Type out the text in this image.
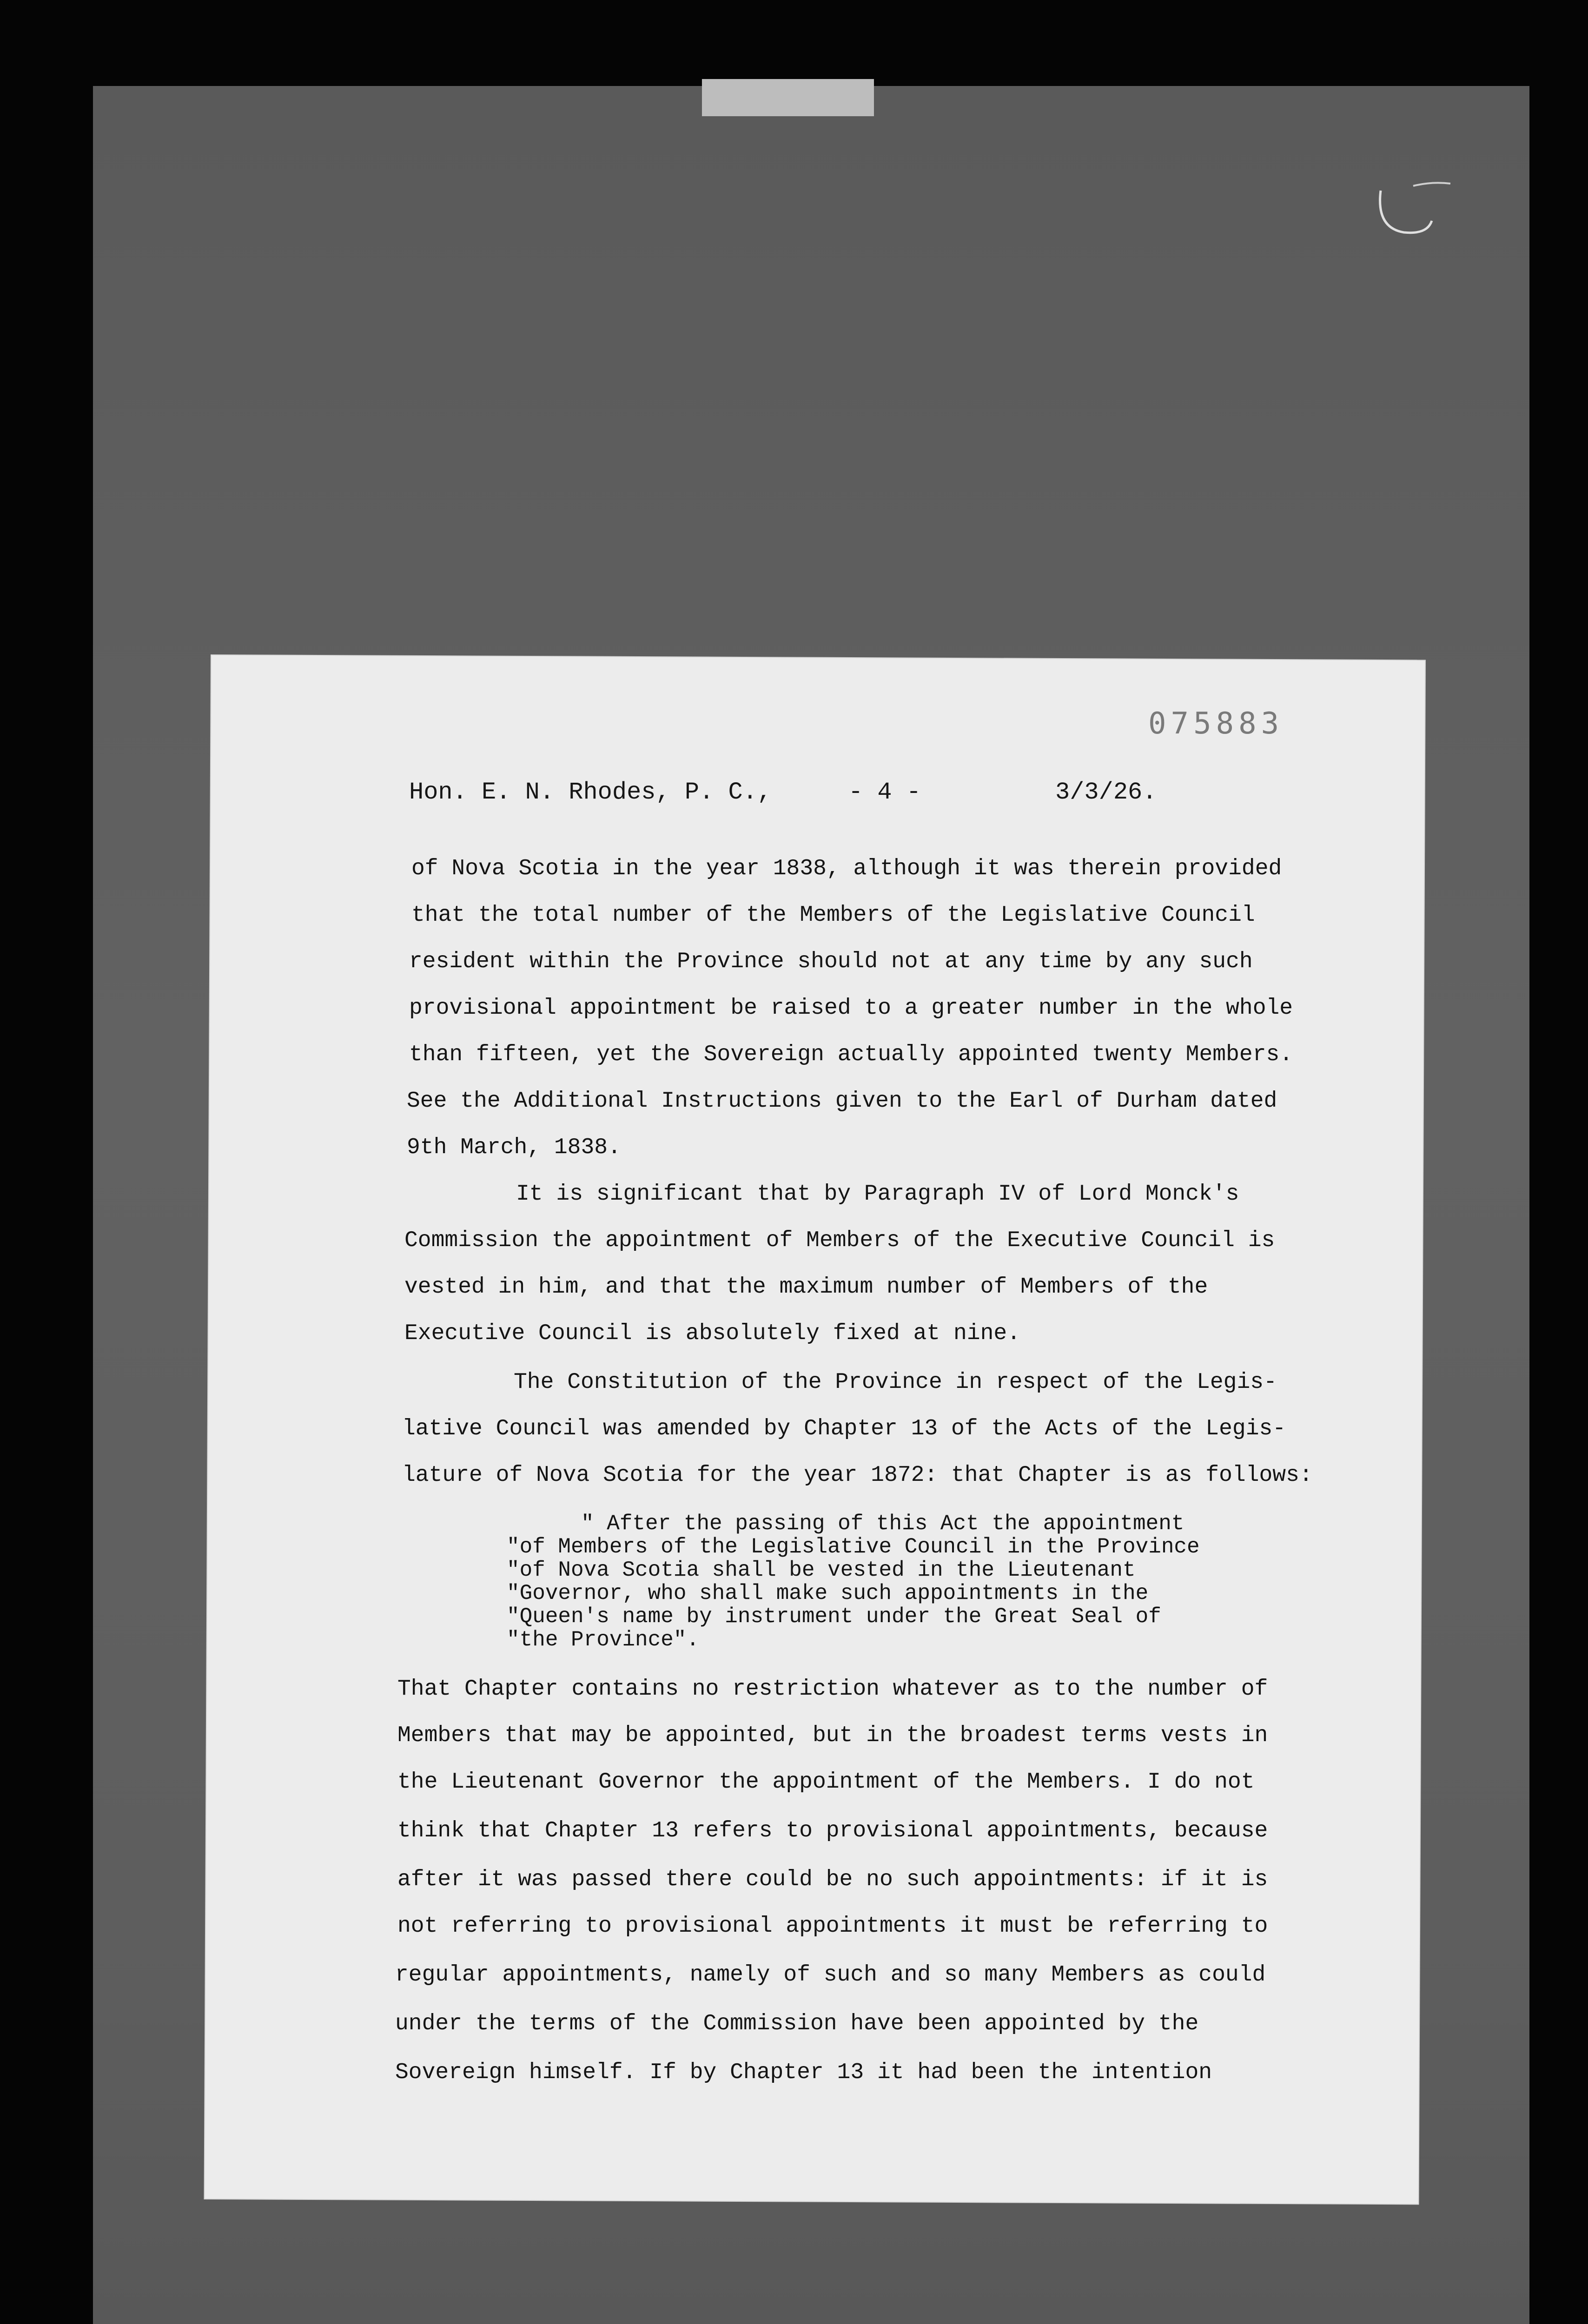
075883
Hon. E. N. Rhodes, P. C.,	- 4 -	3/3/26.
of Nova Scotia in the year 1838, although it was therein provided
that the total number of the Members of the Legislative Council
resident within the Province should not at any time by any such
provisional appointment be raised to a greater number in the whole
than fifteen, yet the Sovereign actually appointed twenty Members.
See the Additional Instructions given to the Earl of Durham dated
9th March, 1838.
It is significant that by Paragraph IV of Lord Monck's
Commission the appointment of Members of the Executive Council is
vested in him, and that the maximum number of Members of the
Executive Council is absolutely fixed at nine.
The Constitution of the Province in respect of the Legis-
lative Council was amended by Chapter 13 of the Acts of the Legis-
lature of Nova Scotia for the year 1872: that Chapter is as follows:
" After the passing of this Act the appointment
"of Members of the Legislative Council in the Province
"of Nova Scotia shall be vested in the Lieutenant
"Governor, who shall make such appointments in the
"Queen's name by instrument under the Great Seal of
"the Province".
That Chapter contains no restriction whatever as to the number of
Members that may be appointed, but in the broadest terms vests in
the Lieutenant Governor the appointment of the Members. I do not
think that Chapter 13 refers to provisional appointments, because
after it was passed there could be no such appointments: if it is
not referring to provisional appointments it must be referring to
regular appointments, namely of such and so many Members as could
under the terms of the Commission have been appointed by the
Sovereign himself. If by Chapter 13 it had been the intention
